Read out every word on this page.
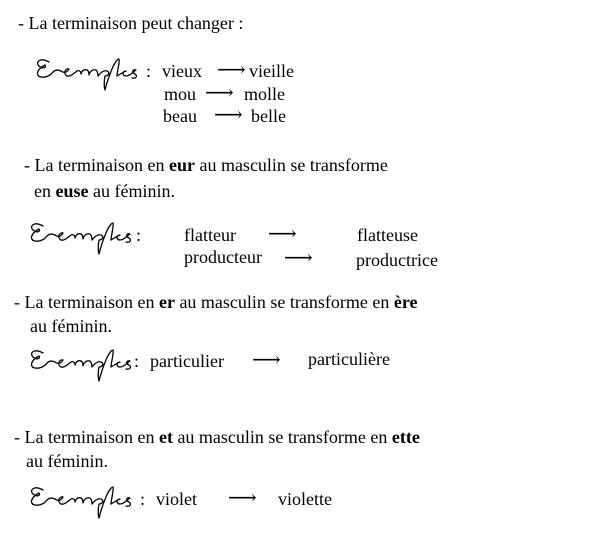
- La terminaison peut changer :

: vieux ⟶ vieille
mou ⟶ molle
beau ⟶ belle

- La terminaison en eur au masculin se transforme

en euse au féminin.

: flatteur ⟶	flatteuse
producteur ⟶ productrice

- La terminaison en er au masculin se transforme en ère

au féminin.

: particulier ⟶ particulière

- La terminaison en et au masculin se transforme en ette

au féminin.

: violet ⟶ violette
